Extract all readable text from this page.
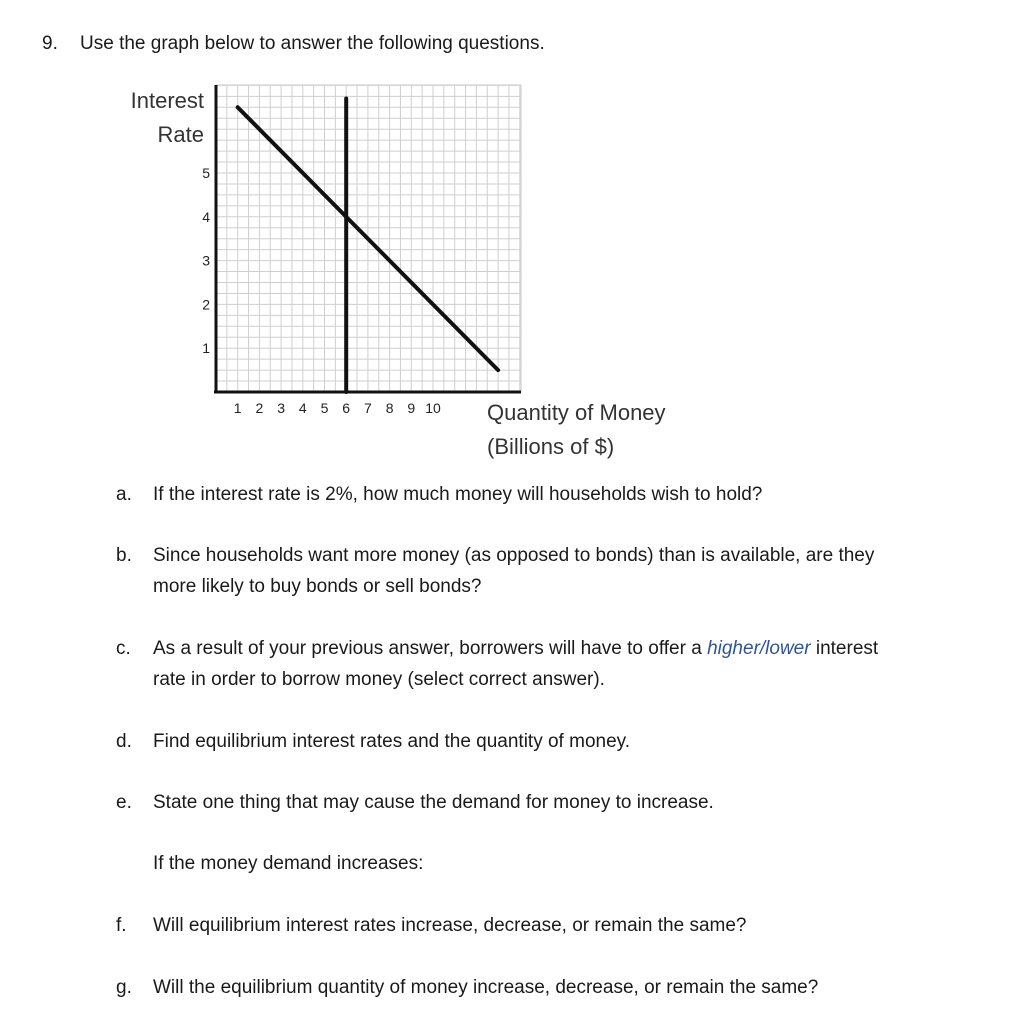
9. Use the graph below to answer the following questions.
Interest
Rate
1 2 3 4 5 6 7 8 9 10
5
4
3
2
1
Quantity of Money
(Billions of $)
a. If the interest rate is 2%, how much money will households wish to hold?
b. Since households want more money (as opposed to bonds) than is available, are they
more likely to buy bonds or sell bonds?
c. As a result of your previous answer, borrowers will have to offer a higher/lower interest
rate in order to borrow money (select correct answer).
d. Find equilibrium interest rates and the quantity of money.
e. State one thing that may cause the demand for money to increase.
If the money demand increases:
f. Will equilibrium interest rates increase, decrease, or remain the same?
g. Will the equilibrium quantity of money increase, decrease, or remain the same?
